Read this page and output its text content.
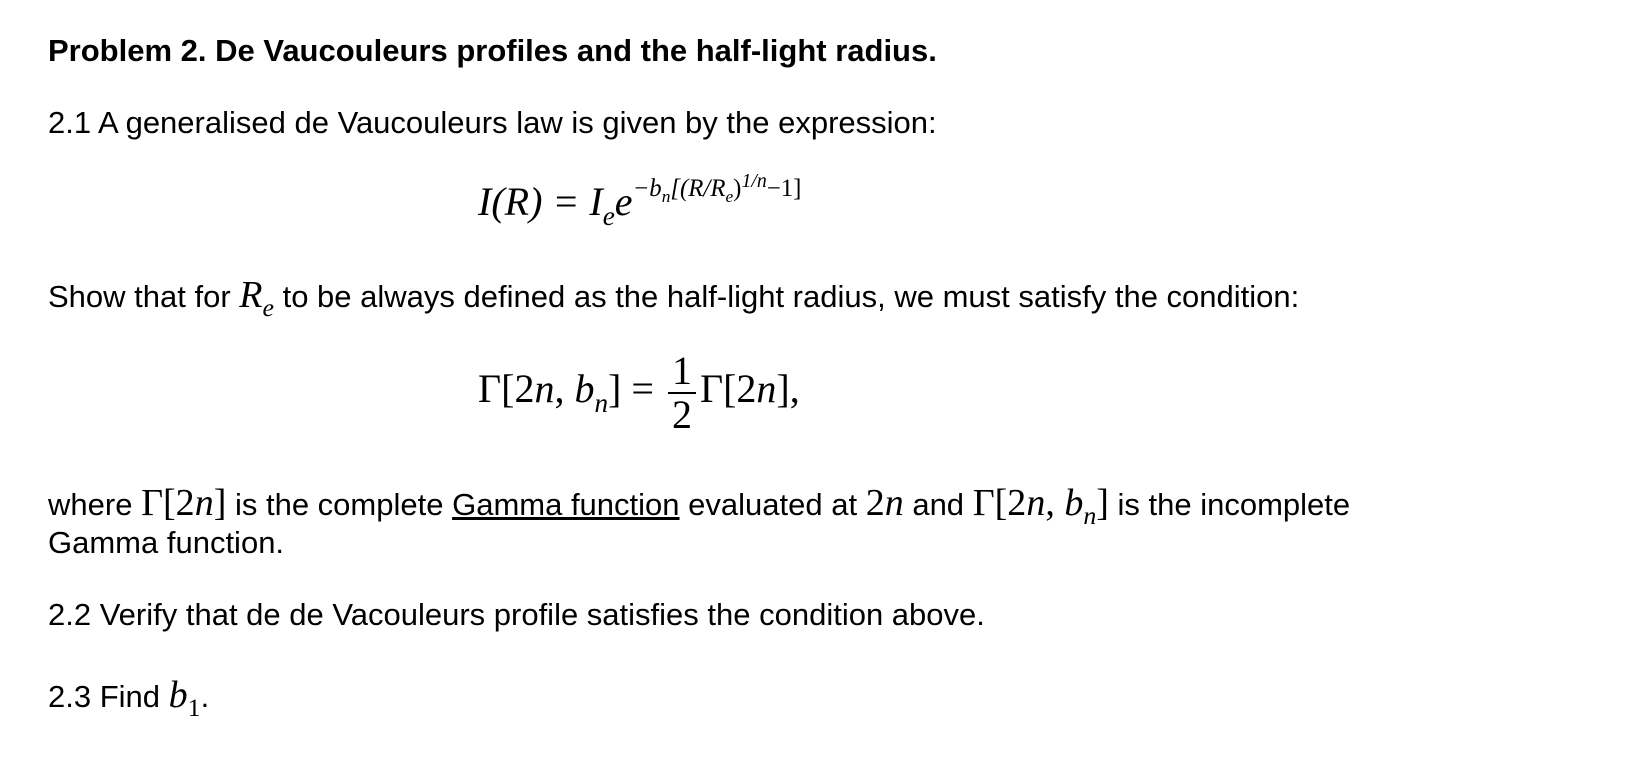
Problem 2. De Vaucouleurs profiles and the half-light radius.
2.1 A generalised de Vaucouleurs law is given by the expression:
$I(R) = I_ee^{-b_n[(R/R_e)^{1/n}-1]}$
Show that for $R_e$ to be always defined as the half-light radius, we must satisfy the condition:
Γ[2n, $b_n] = \frac{1}{2} \Gamma[2n]$,
where Γ[2n] is the complete Gamma function evaluated at 2n and Γ[2n, $b_n$] is the incomplete
Gamma function.
2.2 Verify that de de Vacouleurs profile satisfies the condition above.
2.3 Find $b_1$.
